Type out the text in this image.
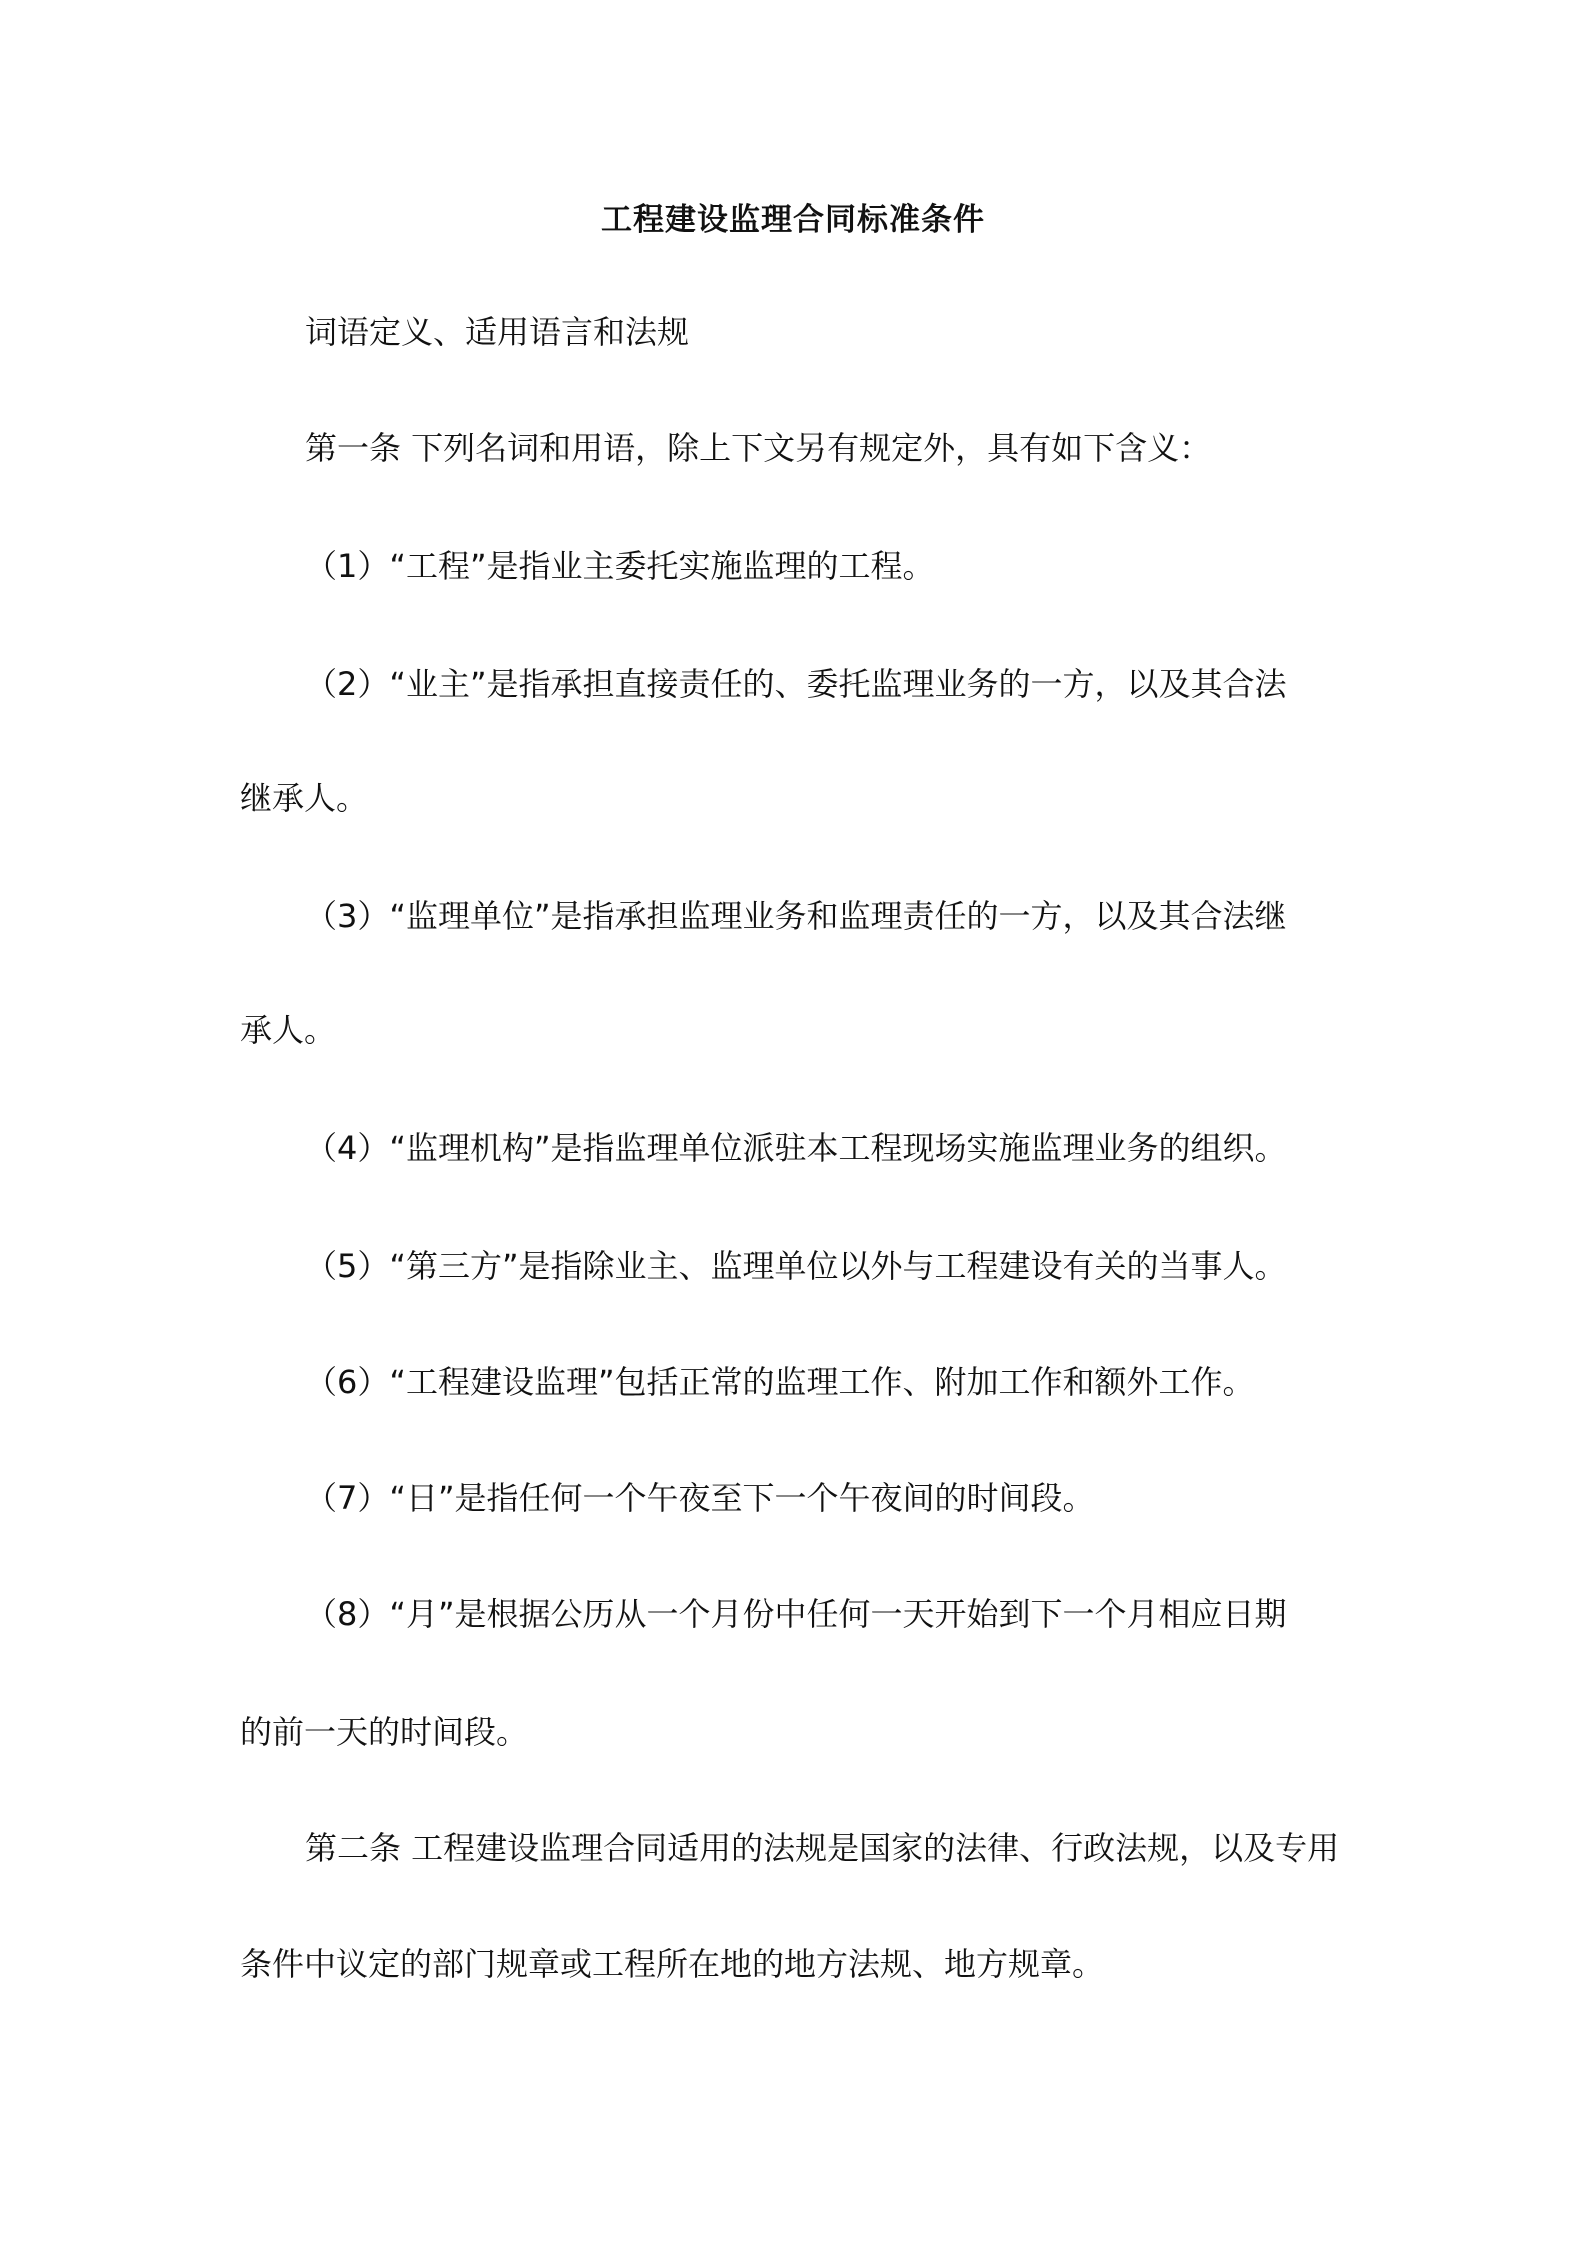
工程建设监理合同标准条件
词语定义、适用语言和法规
第一条 下列名词和用语，除上下文另有规定外，具有如下含义：
（1）“工程”是指业主委托实施监理的工程。
（2）“业主”是指承担直接责任的、委托监理业务的一方，以及其合法
继承人。
（3）“监理单位”是指承担监理业务和监理责任的一方，以及其合法继
承人。
（4）“监理机构”是指监理单位派驻本工程现场实施监理业务的组织。
（5）“第三方”是指除业主、监理单位以外与工程建设有关的当事人。
（6）“工程建设监理”包括正常的监理工作、附加工作和额外工作。
（7）“日”是指任何一个午夜至下一个午夜间的时间段。
（8）“月”是根据公历从一个月份中任何一天开始到下一个月相应日期
的前一天的时间段。
第二条 工程建设监理合同适用的法规是国家的法律、行政法规，以及专用
条件中议定的部门规章或工程所在地的地方法规、地方规章。
